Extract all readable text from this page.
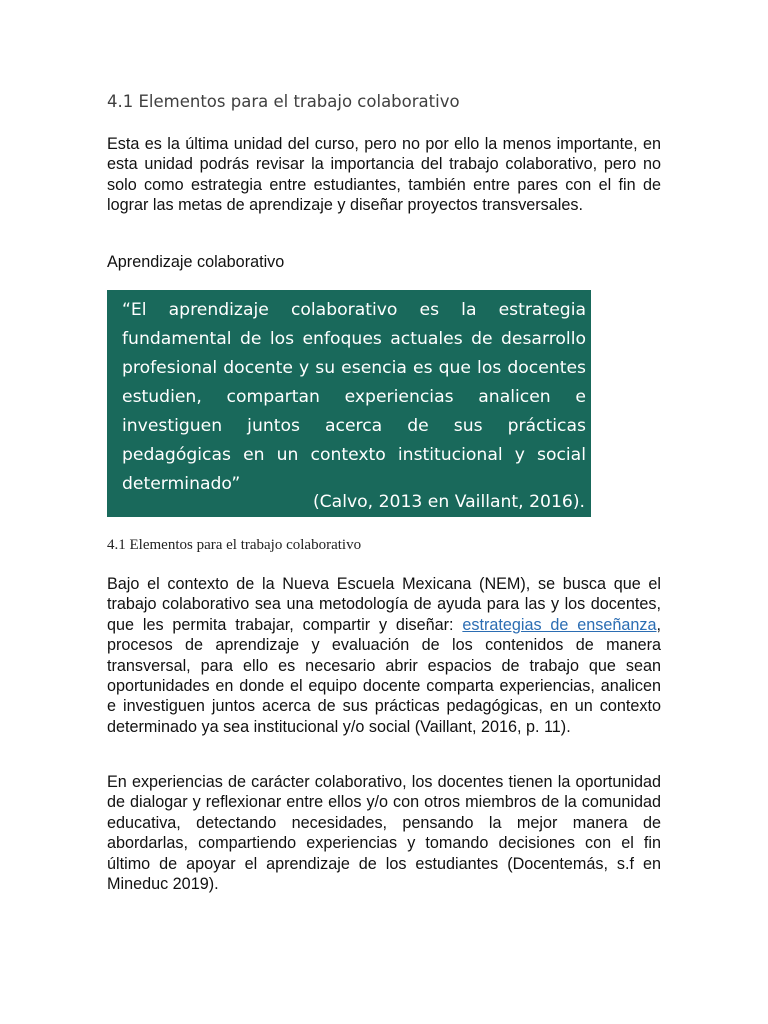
4.1 Elementos para el trabajo colaborativo

Esta es la última unidad del curso, pero no por ello la menos importante, en esta unidad podrás revisar la importancia del trabajo colaborativo, pero no solo como estrategia entre estudiantes, también entre pares con el fin de lograr las metas de aprendizaje y diseñar proyectos transversales.

Aprendizaje colaborativo

“El aprendizaje colaborativo es la estrategia fundamental de los enfoques actuales de desarrollo profesional docente y su esencia es que los docentes estudien, compartan experiencias analicen e investiguen juntos acerca de sus prácticas pedagógicas en un contexto institucional y social determinado”

(Calvo, 2013 en Vaillant, 2016).

4.1 Elementos para el trabajo colaborativo

Bajo el contexto de la Nueva Escuela Mexicana (NEM), se busca que el trabajo colaborativo sea una metodología de ayuda para las y los docentes, que les permita trabajar, compartir y diseñar: estrategias de enseñanza, procesos de aprendizaje y evaluación de los contenidos de manera transversal, para ello es necesario abrir espacios de trabajo que sean oportunidades en donde el equipo docente comparta experiencias, analicen e investiguen juntos acerca de sus prácticas pedagógicas, en un contexto determinado ya sea institucional y/o social (Vaillant, 2016, p. 11).

En experiencias de carácter colaborativo, los docentes tienen la oportunidad de dialogar y reflexionar entre ellos y/o con otros miembros de la comunidad educativa, detectando necesidades, pensando la mejor manera de abordarlas, compartiendo experiencias y tomando decisiones con el fin último de apoyar el aprendizaje de los estudiantes (Docentemás, s.f en Mineduc 2019).
